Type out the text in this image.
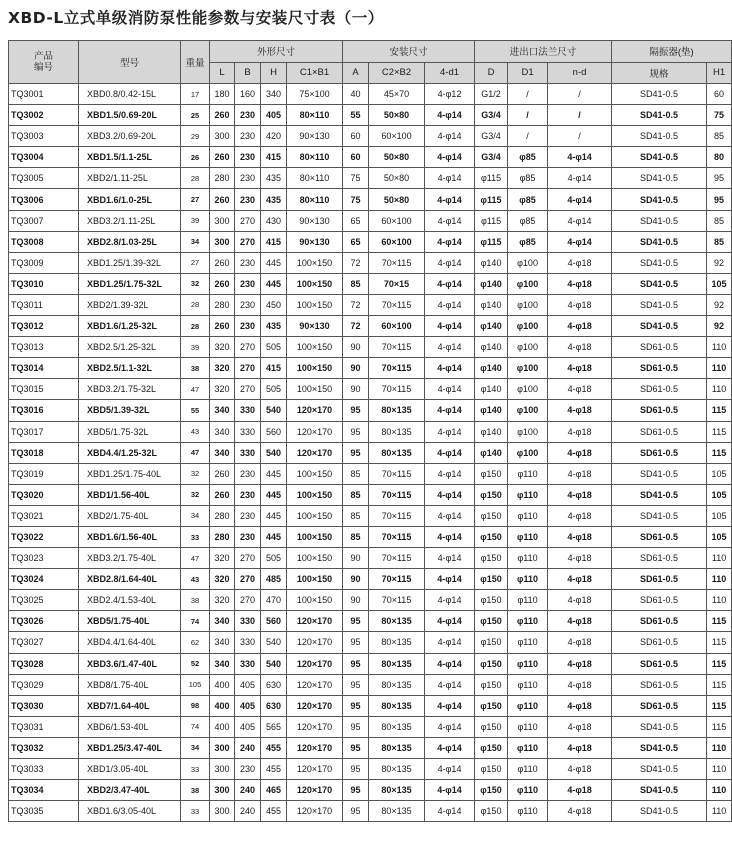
XBD-L立式单级消防泵性能参数与安装尺寸表（一）
产品
编号	型号	重量	外形尺寸				安装尺寸			进出口法兰尺寸			隔振器(垫)	
			L	B	H	C1×B1	A	C2×B2	4-d1	D	D1	n-d	规格	H1
TQ3001	XBD0.8/0.42-15L	17	180	160	340	75×100	40	45×70	4-φ12	G1/2	/	/	SD41-0.5	60
TQ3002	XBD1.5/0.69-20L	25	260	230	405	80×110	55	50×80	4-φ14	G3/4	/	/	SD41-0.5	75
TQ3003	XBD3.2/0.69-20L	29	300	230	420	90×130	60	60×100	4-φ14	G3/4	/	/	SD41-0.5	85
TQ3004	XBD1.5/1.1-25L	26	260	230	415	80×110	60	50×80	4-φ14	G3/4	φ85	4-φ14	SD41-0.5	80
TQ3005	XBD2/1.11-25L	28	280	230	435	80×110	75	50×80	4-φ14	φ115	φ85	4-φ14	SD41-0.5	95
TQ3006	XBD1.6/1.0-25L	27	260	230	435	80×110	75	50×80	4-φ14	φ115	φ85	4-φ14	SD41-0.5	95
TQ3007	XBD3.2/1.11-25L	39	300	270	430	90×130	65	60×100	4-φ14	φ115	φ85	4-φ14	SD41-0.5	85
TQ3008	XBD2.8/1.03-25L	34	300	270	415	90×130	65	60×100	4-φ14	φ115	φ85	4-φ14	SD41-0.5	85
TQ3009	XBD1.25/1.39-32L	27	260	230	445	100×150	72	70×115	4-φ14	φ140	φ100	4-φ18	SD41-0.5	92
TQ3010	XBD1.25/1.75-32L	32	260	230	445	100×150	85	70×15	4-φ14	φ140	φ100	4-φ18	SD41-0.5	105
TQ3011	XBD2/1.39-32L	28	280	230	450	100×150	72	70×115	4-φ14	φ140	φ100	4-φ18	SD41-0.5	92
TQ3012	XBD1.6/1.25-32L	28	260	230	435	90×130	72	60×100	4-φ14	φ140	φ100	4-φ18	SD41-0.5	92
TQ3013	XBD2.5/1.25-32L	39	320	270	505	100×150	90	70×115	4-φ14	φ140	φ100	4-φ18	SD61-0.5	110
TQ3014	XBD2.5/1.1-32L	38	320	270	415	100×150	90	70×115	4-φ14	φ140	φ100	4-φ18	SD61-0.5	110
TQ3015	XBD3.2/1.75-32L	47	320	270	505	100×150	90	70×115	4-φ14	φ140	φ100	4-φ18	SD61-0.5	110
TQ3016	XBD5/1.39-32L	55	340	330	540	120×170	95	80×135	4-φ14	φ140	φ100	4-φ18	SD61-0.5	115
TQ3017	XBD5/1.75-32L	43	340	330	560	120×170	95	80×135	4-φ14	φ140	φ100	4-φ18	SD61-0.5	115
TQ3018	XBD4.4/1.25-32L	47	340	330	540	120×170	95	80×135	4-φ14	φ140	φ100	4-φ18	SD61-0.5	115
TQ3019	XBD1.25/1.75-40L	32	260	230	445	100×150	85	70×115	4-φ14	φ150	φ110	4-φ18	SD41-0.5	105
TQ3020	XBD1/1.56-40L	32	260	230	445	100×150	85	70×115	4-φ14	φ150	φ110	4-φ18	SD41-0.5	105
TQ3021	XBD2/1.75-40L	34	280	230	445	100×150	85	70×115	4-φ14	φ150	φ110	4-φ18	SD41-0.5	105
TQ3022	XBD1.6/1.56-40L	33	280	230	445	100×150	85	70×115	4-φ14	φ150	φ110	4-φ18	SD61-0.5	105
TQ3023	XBD3.2/1.75-40L	47	320	270	505	100×150	90	70×115	4-φ14	φ150	φ110	4-φ18	SD61-0.5	110
TQ3024	XBD2.8/1.64-40L	43	320	270	485	100×150	90	70×115	4-φ14	φ150	φ110	4-φ18	SD61-0.5	110
TQ3025	XBD2.4/1.53-40L	38	320	270	470	100×150	90	70×115	4-φ14	φ150	φ110	4-φ18	SD61-0.5	110
TQ3026	XBD5/1.75-40L	74	340	330	560	120×170	95	80×135	4-φ14	φ150	φ110	4-φ18	SD61-0.5	115
TQ3027	XBD4.4/1.64-40L	62	340	330	540	120×170	95	80×135	4-φ14	φ150	φ110	4-φ18	SD61-0.5	115
TQ3028	XBD3.6/1.47-40L	52	340	330	540	120×170	95	80×135	4-φ14	φ150	φ110	4-φ18	SD61-0.5	115
TQ3029	XBD8/1.75-40L	105	400	405	630	120×170	95	80×135	4-φ14	φ150	φ110	4-φ18	SD61-0.5	115
TQ3030	XBD7/1.64-40L	98	400	405	630	120×170	95	80×135	4-φ14	φ150	φ110	4-φ18	SD61-0.5	115
TQ3031	XBD6/1.53-40L	74	400	405	565	120×170	95	80×135	4-φ14	φ150	φ110	4-φ18	SD41-0.5	115
TQ3032	XBD1.25/3.47-40L	34	300	240	455	120×170	95	80×135	4-φ14	φ150	φ110	4-φ18	SD41-0.5	110
TQ3033	XBD1/3.05-40L	33	300	230	455	120×170	95	80×135	4-φ14	φ150	φ110	4-φ18	SD41-0.5	110
TQ3034	XBD2/3.47-40L	38	300	240	465	120×170	95	80×135	4-φ14	φ150	φ110	4-φ18	SD41-0.5	110
TQ3035	XBD1.6/3.05-40L	33	300	240	455	120×170	95	80×135	4-φ14	φ150	φ110	4-φ18	SD41-0.5	110
